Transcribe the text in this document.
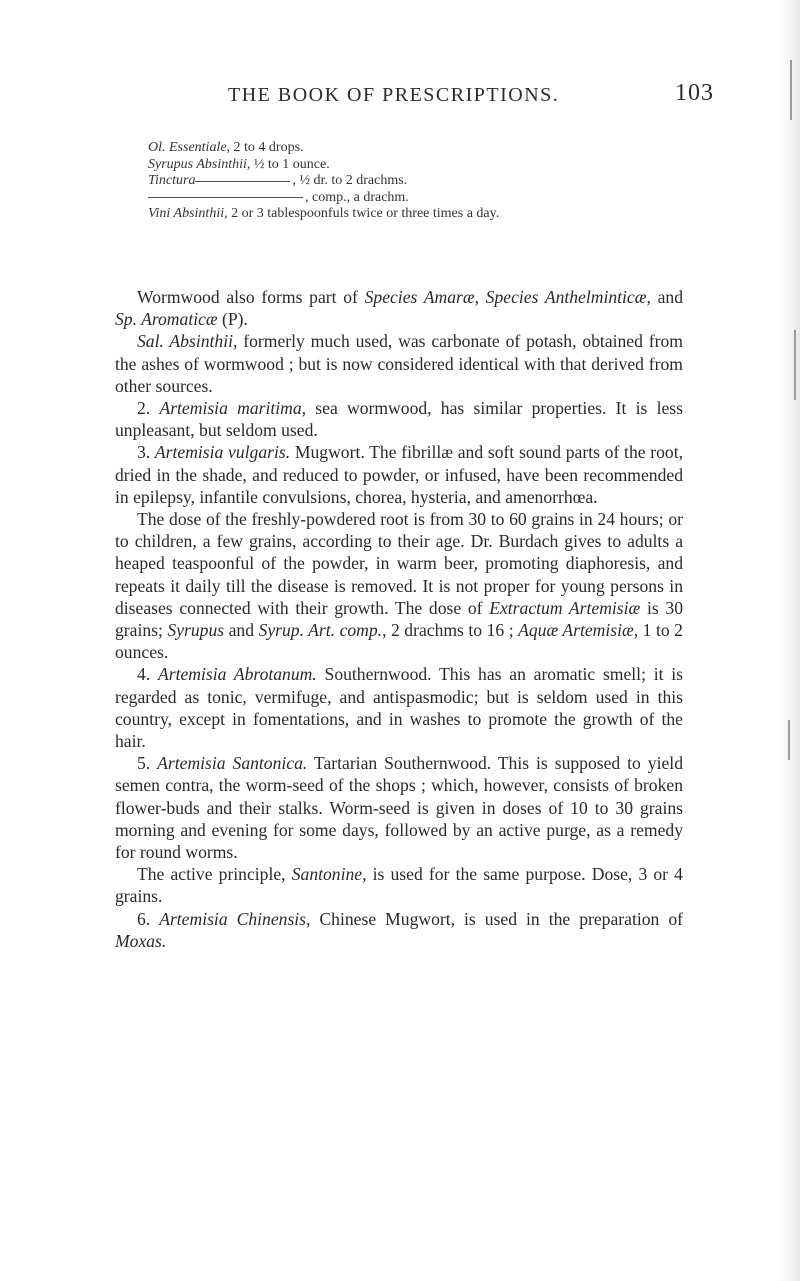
THE BOOK OF PRESCRIPTIONS.	103
Ol. Essentiale, 2 to 4 drops.
Syrupus Absinthii, ½ to 1 ounce.
Tinctura	, ½ dr. to 2 drachms.
, comp., a drachm.
Vini Absinthii, 2 or 3 tablespoonfuls twice or three times a day.

Wormwood also forms part of Species Amaræ, Species Anthelminticæ, and Sp. Aromaticæ (P).

Sal. Absinthii, formerly much used, was carbonate of potash, obtained from the ashes of wormwood ; but is now considered identical with that derived from other sources.

2. Artemisia maritima, sea wormwood, has similar properties. It is less unpleasant, but seldom used.

3. Artemisia vulgaris. Mugwort. The fibrillæ and soft sound parts of the root, dried in the shade, and reduced to powder, or infused, have been recommended in epilepsy, infantile convulsions, chorea, hysteria, and amenorrhœa.

The dose of the freshly-powdered root is from 30 to 60 grains in 24 hours; or to children, a few grains, according to their age. Dr. Burdach gives to adults a heaped teaspoonful of the powder, in warm beer, promoting diaphoresis, and repeats it daily till the disease is removed. It is not proper for young persons in diseases connected with their growth. The dose of Extractum Artemisiæ is 30 grains; Syrupus and Syrup. Art. comp., 2 drachms to 16 ; Aquæ Artemisiæ, 1 to 2 ounces.

4. Artemisia Abrotanum. Southernwood. This has an aromatic smell; it is regarded as tonic, vermifuge, and antispasmodic; but is seldom used in this country, except in fomentations, and in washes to promote the growth of the hair.

5. Artemisia Santonica. Tartarian Southernwood. This is supposed to yield semen contra, the worm-seed of the shops ; which, however, consists of broken flower-buds and their stalks. Worm-seed is given in doses of 10 to 30 grains morning and evening for some days, followed by an active purge, as a remedy for round worms.

The active principle, Santonine, is used for the same purpose. Dose, 3 or 4 grains.

6. Artemisia Chinensis, Chinese Mugwort, is used in the preparation of Moxas.
